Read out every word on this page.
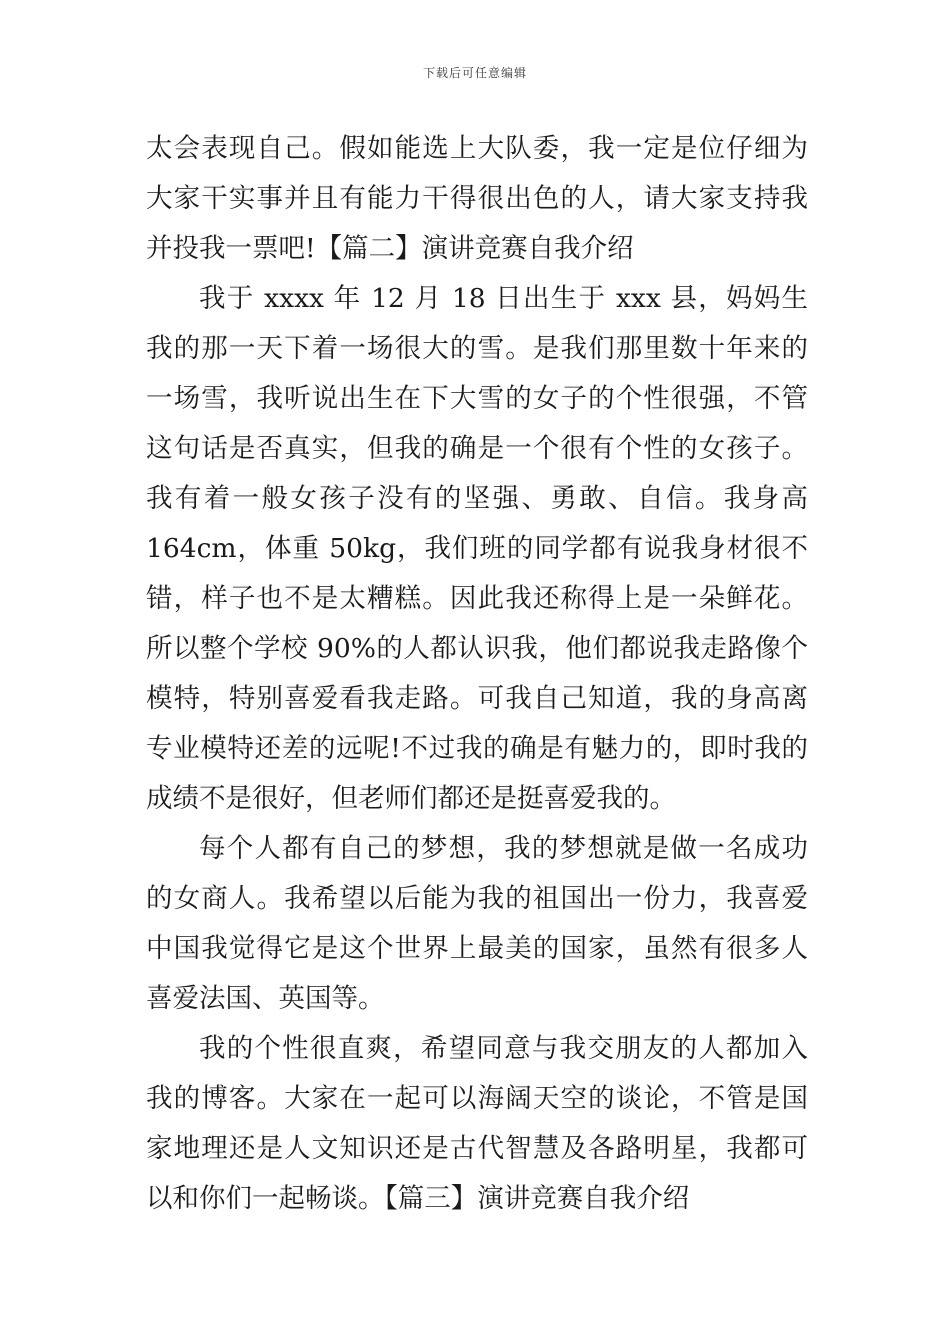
下载后可任意编辑

太会表现自己。假如能选上大队委，我一定是位仔细为大家干实事并且有能力干得很出色的人，请大家支持我并投我一票吧!【篇二】演讲竞赛自我介绍

我于 xxxx 年 12 月 18 日出生于 xxx 县，妈妈生我的那一天下着一场很大的雪。是我们那里数十年来的一场雪，我听说出生在下大雪的女子的个性很强，不管这句话是否真实，但我的确是一个很有个性的女孩子。我有着一般女孩子没有的坚强、勇敢、自信。我身高 164cm，体重 50kg，我们班的同学都有说我身材很不错，样子也不是太糟糕。因此我还称得上是一朵鲜花。所以整个学校 90%的人都认识我，他们都说我走路像个模特，特别喜爱看我走路。可我自己知道，我的身高离专业模特还差的远呢!不过我的确是有魅力的，即时我的成绩不是很好，但老师们都还是挺喜爱我的。

每个人都有自己的梦想，我的梦想就是做一名成功的女商人。我希望以后能为我的祖国出一份力，我喜爱中国我觉得它是这个世界上最美的国家，虽然有很多人喜爱法国、英国等。

我的个性很直爽，希望同意与我交朋友的人都加入我的博客。大家在一起可以海阔天空的谈论，不管是国家地理还是人文知识还是古代智慧及各路明星，我都可以和你们一起畅谈。【篇三】演讲竞赛自我介绍
